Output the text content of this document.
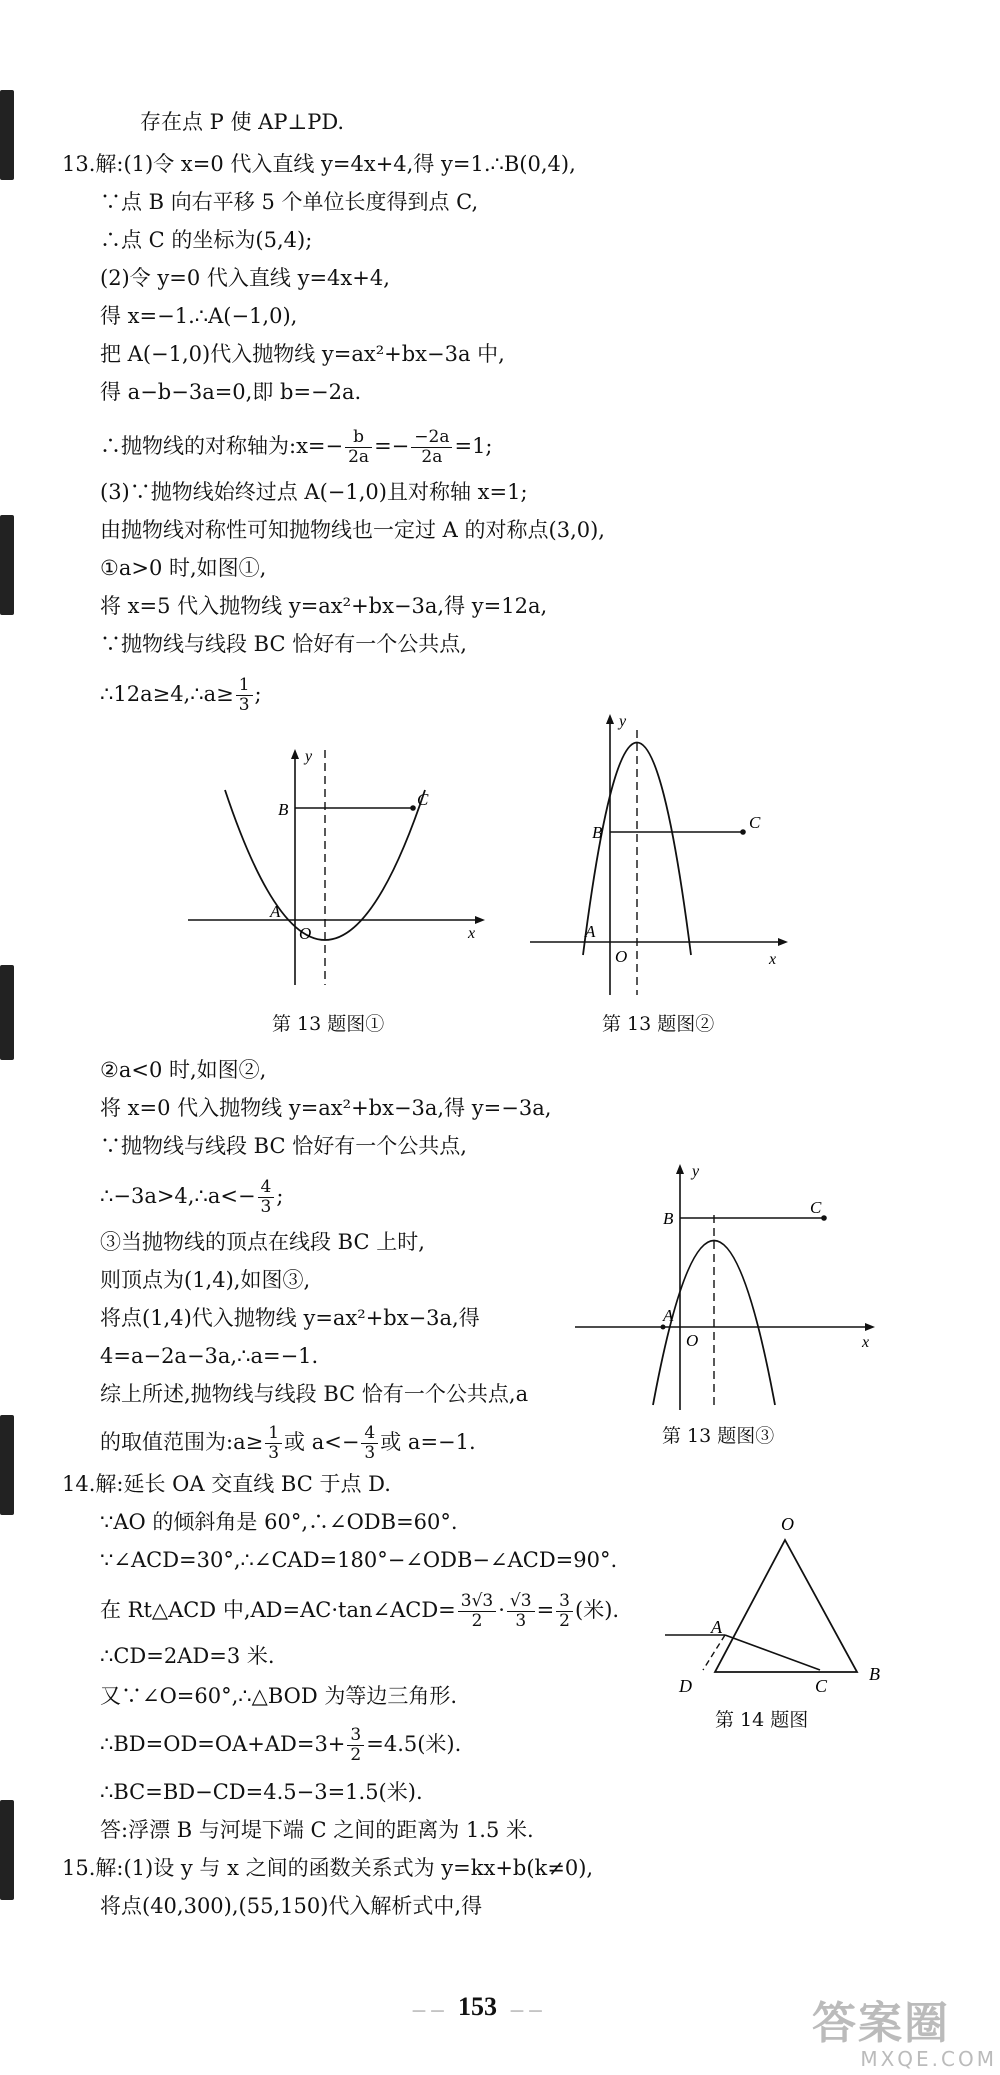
存在点 P 使 AP⊥PD.
13.解:(1)令 x=0 代入直线 y=4x+4,得 y=1.∴B(0,4),
∵点 B 向右平移 5 个单位长度得到点 C,
∴点 C 的坐标为(5,4);
(2)令 y=0 代入直线 y=4x+4,
得 x=−1.∴A(−1,0),
把 A(−1,0)代入抛物线 y=ax²+bx−3a 中,
得 a−b−3a=0,即 b=−2a.
∴抛物线的对称轴为:x=− $\frac{b}{2a} =- \frac{-2a}{2a} =1$;
(3)∵抛物线始终过点 A(−1,0)且对称轴 x=1;
由抛物线对称性可知抛物线也一定过 A 的对称点(3,0),
①a>0 时,如图①,
将 x=5 代入抛物线 y=ax²+bx−3a,得 y=12a,
∵抛物线与线段 BC 恰好有一个公共点,
∴12a≥4,∴a≥ $\frac{1}{3}$ ;
y
x
B
C
A
O
第 13 题图①
y
x
B
C
A
O
第 13 题图②
②a<0 时,如图②,
将 x=0 代入抛物线 y=ax²+bx−3a,得 y=−3a,
∵抛物线与线段 BC 恰好有一个公共点,
∴−3a>4,∴a<− $\frac{4}{3}$ ;
③当抛物线的顶点在线段 BC 上时,
则顶点为(1,4),如图③,
将点(1,4)代入抛物线 y=ax²+bx−3a,得
4=a−2a−3a,∴a=−1.
综上所述,抛物线与线段 BC 恰有一个公共点,a
的取值范围为:a≥ $\frac{1}{3}$ 或 $a<- \frac{4}{3}$ 或 a=−1.
y
x
B
C
A
O
第 13 题图③
14.解:延长 OA 交直线 BC 于点 D.
∵AO 的倾斜角是 60°,∴∠ODB=60°.
∵∠ACD=30°,∴∠CAD=180°−∠ODB−∠ACD=90°.
在 Rt△ACD 中,AD=AC·tan∠ACD= $\frac{3√3}{2} \cdot \frac{√3}{3} = \frac{3}{2}$ (米).
∴CD=2AD=3 米.
又∵∠O=60°,∴△BOD 为等边三角形.
∴BD=OD=OA+AD=3+ $\frac{3}{2} =4.5$(米).
∴BC=BD−CD=4.5−3=1.5(米).
答:浮漂 B 与河堤下端 C 之间的距离为 1.5 米.
15.解:(1)设 y 与 x 之间的函数关系式为 y=kx+b(k≠0),
将点(40,300),(55,150)代入解析式中,得
O
A
B
C
D
第 14 题图
— — 153 — —	答案圈
MXQE.COM
